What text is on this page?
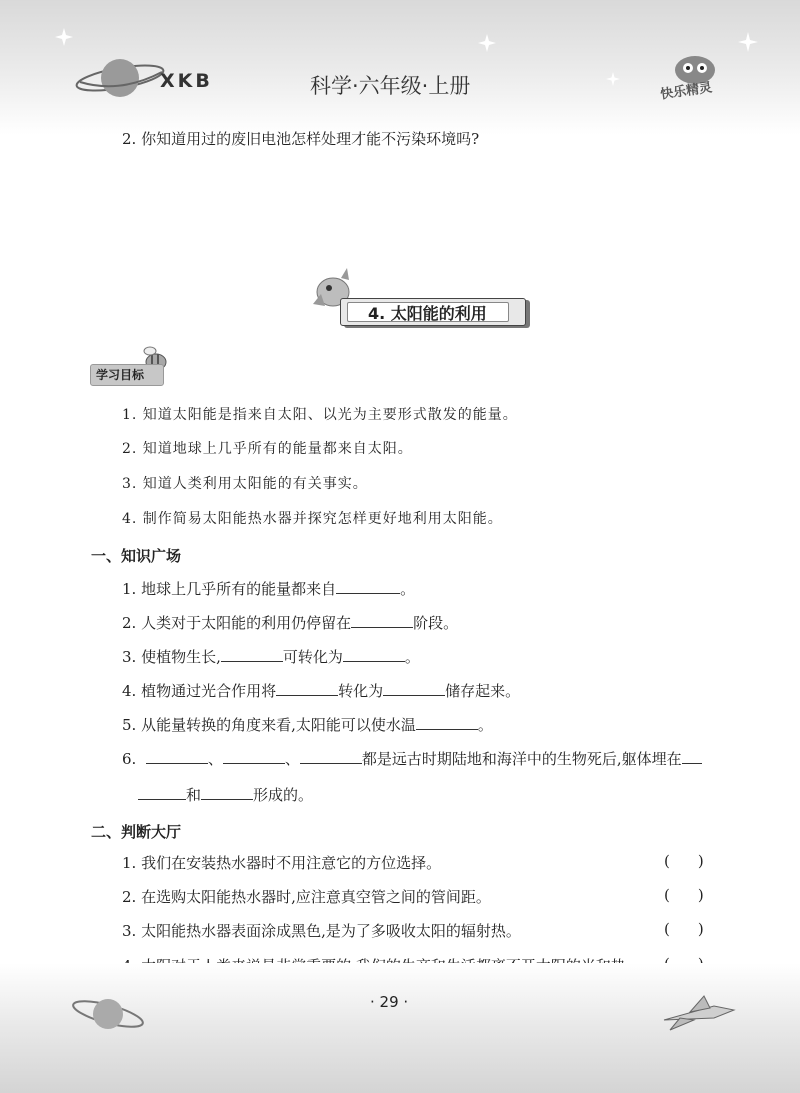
XKB	科学·六年级·上册	快乐精灵
2. 你知道用过的废旧电池怎样处理才能不污染环境吗?
4. 太阳能的利用
学习目标
1. 知道太阳能是指来自太阳、以光为主要形式散发的能量。
2. 知道地球上几乎所有的能量都来自太阳。
3. 知道人类利用太阳能的有关事实。
4. 制作简易太阳能热水器并探究怎样更好地利用太阳能。
一、知识广场
1. 地球上几乎所有的能量都来自	。
2. 人类对于太阳能的利用仍停留在	阶段。
3. 使植物生长,	可转化为	。
4. 植物通过光合作用将	转化为	储存起来。
5. 从能量转换的角度来看,太阳能可以使水温	。
6.	、	、	都是远古时期陆地和海洋中的生物死后,躯体埋在
和	形成的。
二、判断大厅
1. 我们在安装热水器时不用注意它的方位选择。	()
2. 在选购太阳能热水器时,应注意真空管之间的管间距。	()
3. 太阳能热水器表面涂成黑色,是为了多吸收太阳的辐射热。	()
· 29 ·
